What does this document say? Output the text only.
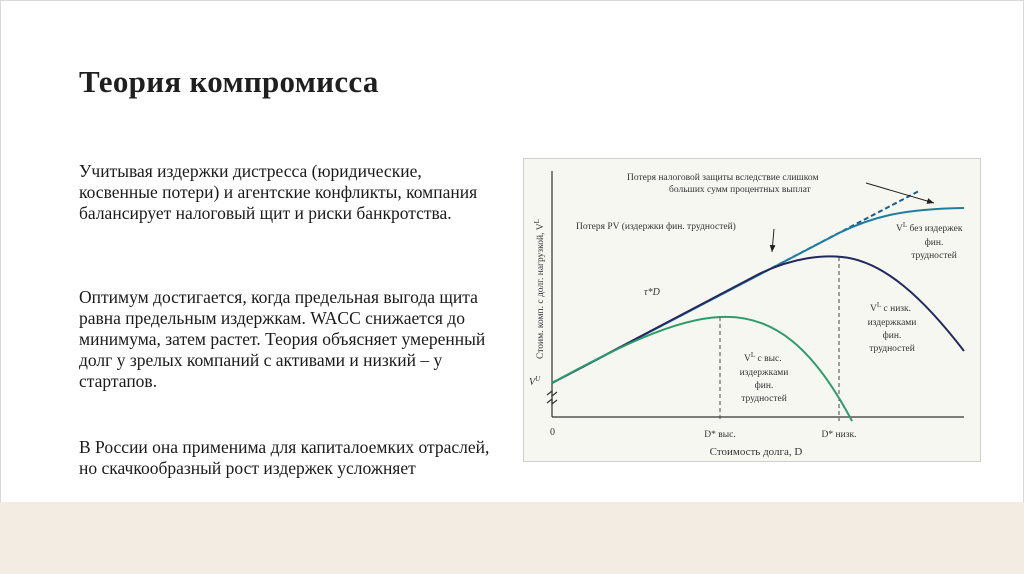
Теория компромисса
Учитывая издержки дистресса (юридические, косвенные потери) и агентские конфликты, компания балансирует налоговый щит и риски банкротства.
Оптимум достигается, когда предельная выгода щита равна предельным издержкам. WACC снижается до минимума, затем растет. Теория объясняет умеренный долг у зрелых компаний с активами и низкий – у стартапов.
В России она применима для капиталоемких отраслей, но скачкообразный рост издержек усложняет
Потеря налоговой защиты вследствие слишком
больших сумм процентных выплат
Потеря PV (издержки фин. трудностей)
τ*D
$V^L$ без издержек
фин.
трудностей
$V^L$ с низк.
издержками
фин.
трудностей
$V^L$ с выс.
издержками
фин.
трудностей
$V^U$
0	D* выс.	D* низк.
Стоимость долга, D
Стоим. комп. с долг. нагрузкой, $V^L$
